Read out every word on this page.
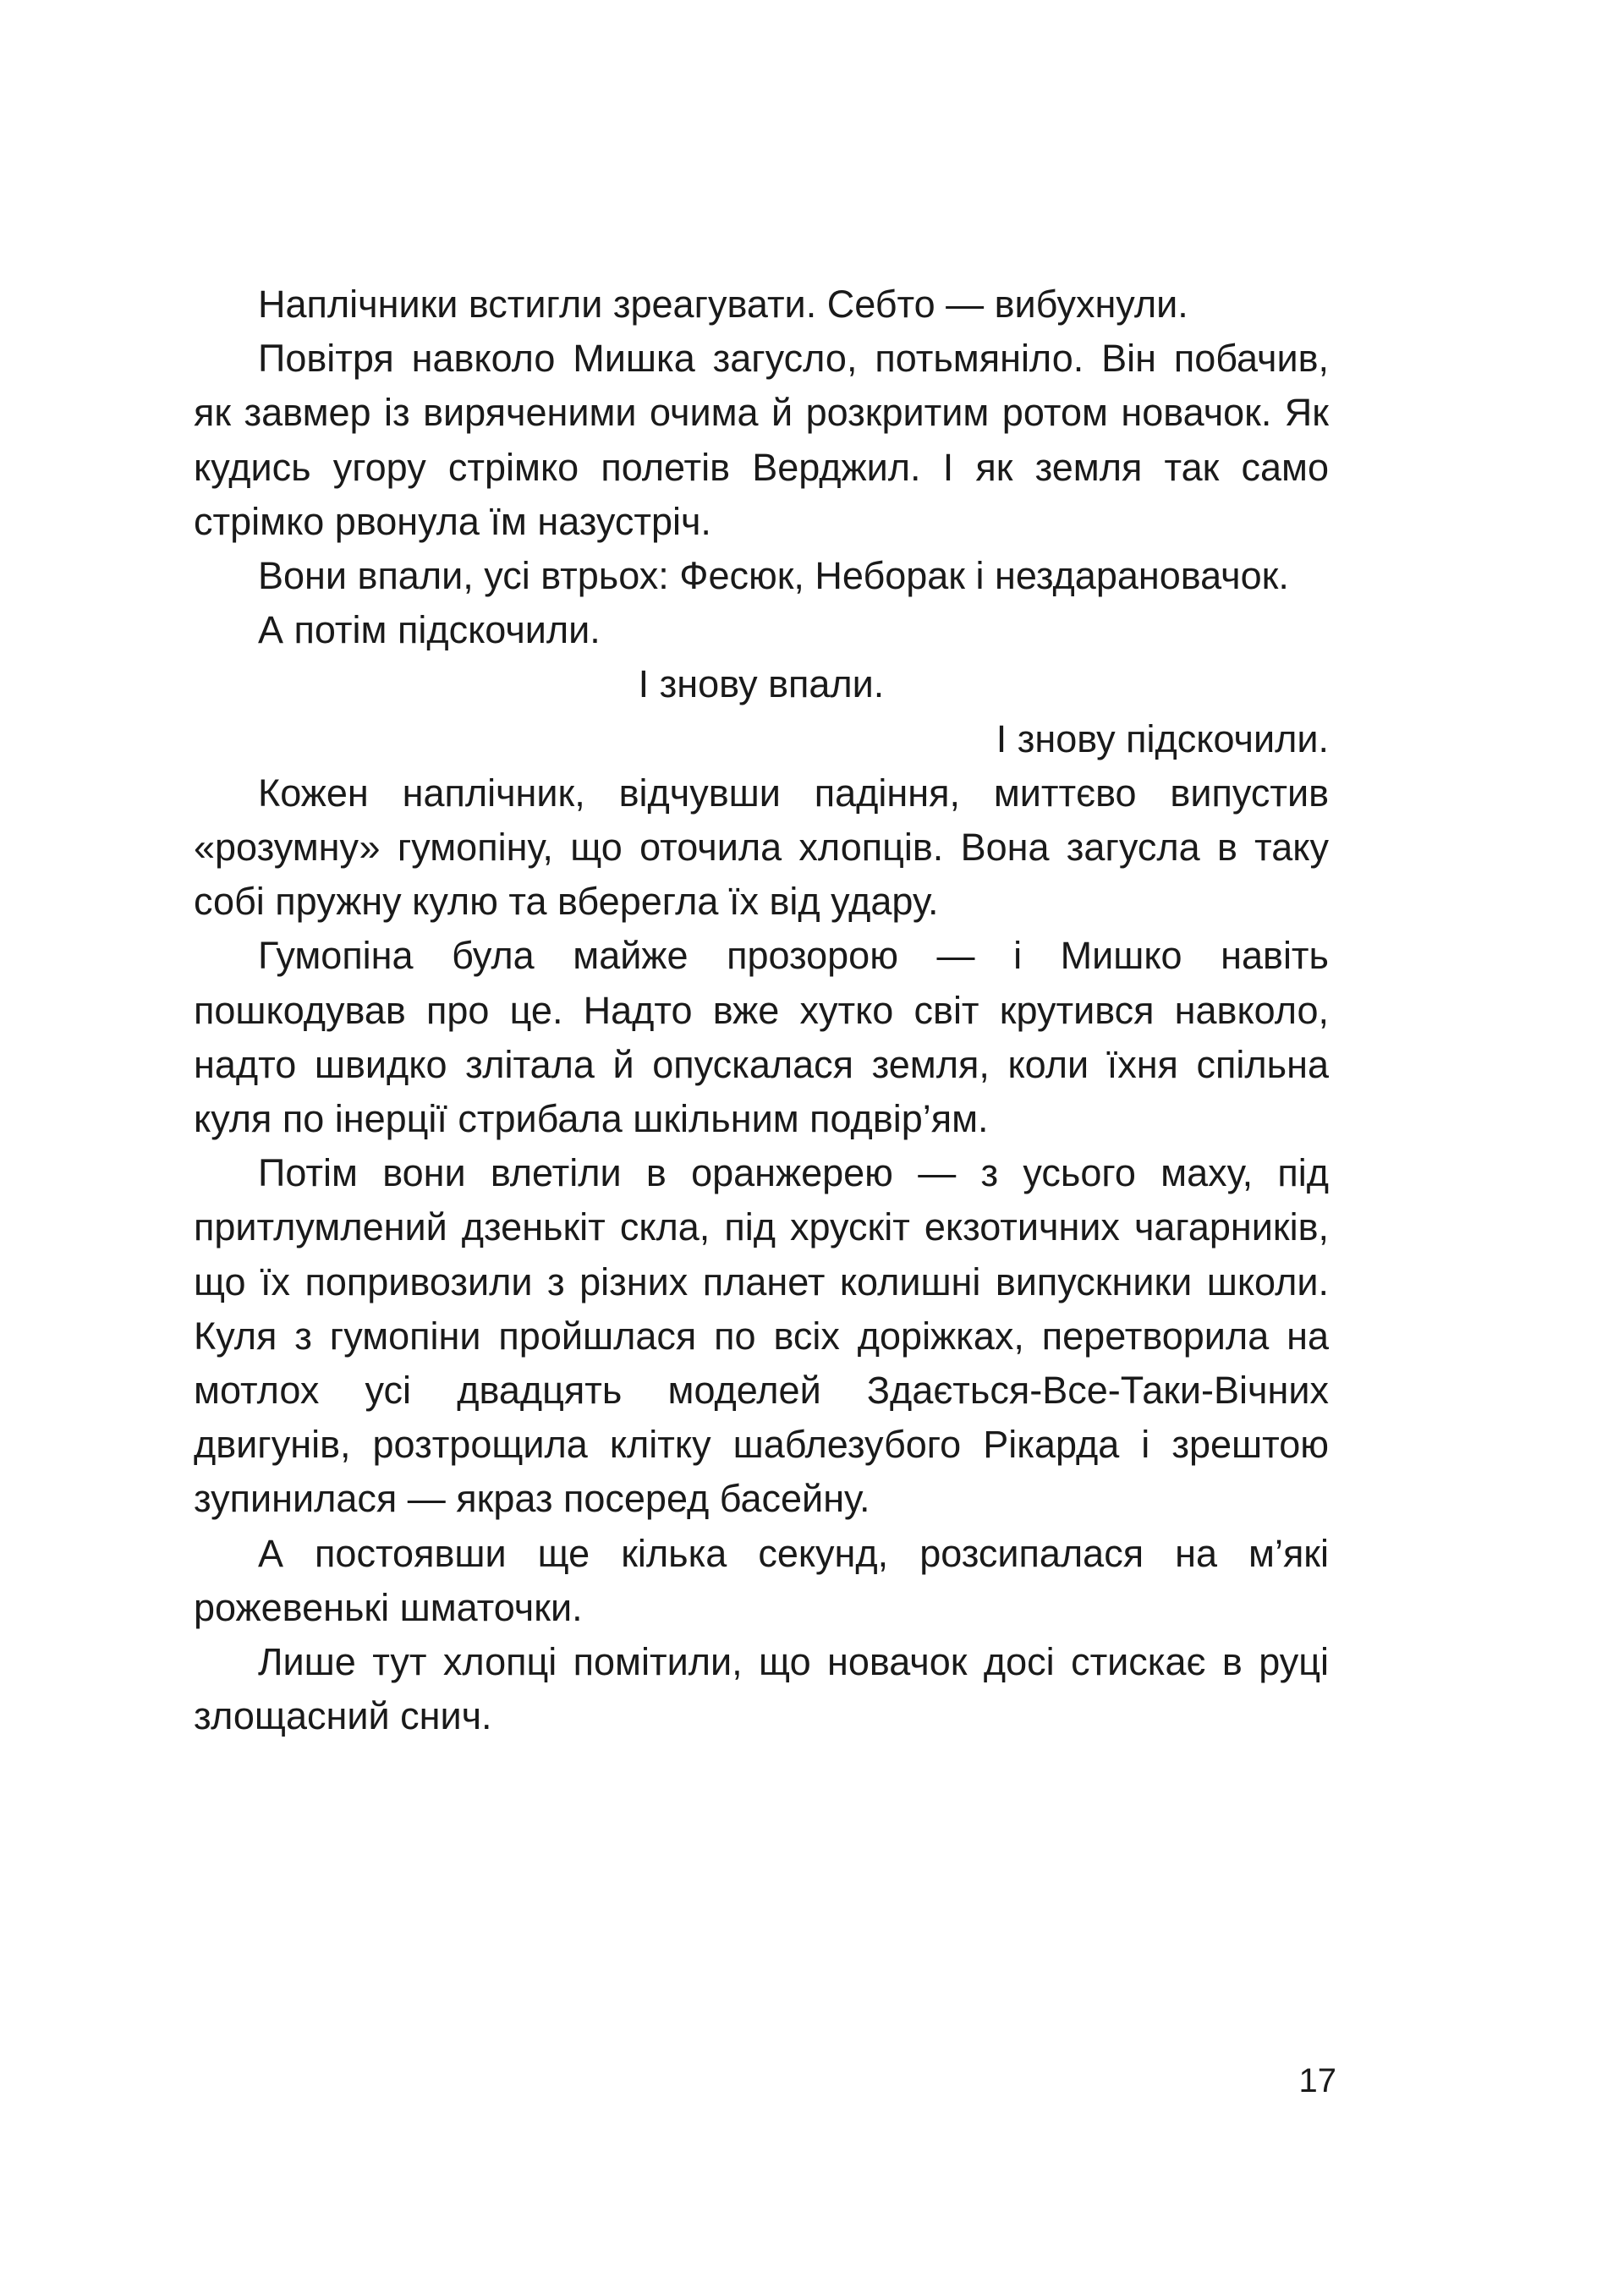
Наплічники встигли зреагувати. Себто — вибухнули.

Повітря навколо Мишка загусло, потьмяніло. Він побачив, як завмер із виряченими очима й розкритим ротом новачок. Як кудись угору стрімко полетів Верджил. І як земля так само стрімко рвонула їм назустріч.

Вони впали, усі втрьох: Фесюк, Неборак і нездарановачок.

А потім підскочили.

І знову впали.

І знову підскочили.

Кожен наплічник, відчувши падіння, миттєво випустив «розумну» гумопіну, що оточила хлопців. Вона загусла в таку собі пружну кулю та вберегла їх від удару.

Гумопіна була майже прозорою — і Мишко навіть пошкодував про це. Надто вже хутко світ крутився навколо, надто швидко злітала й опускалася земля, коли їхня спільна куля по інерції стрибала шкільним подвір’ям.

Потім вони влетіли в оранжерею — з усього маху, під притлумлений дзенькіт скла, під хрускіт екзотичних чагарників, що їх попривозили з різних планет колишні випускники школи. Куля з гумопіни пройшлася по всіх доріжках, перетворила на мотлох усі двадцять моделей Здається-Все-Таки-Вічних двигунів, розтрощила клітку шаблезубого Рікарда і зрештою зупинилася — якраз посеред басейну.

А постоявши ще кілька секунд, розсипалася на м’які рожевенькі шматочки.

Лише тут хлопці помітили, що новачок досі стискає в руці злощасний снич.

17
